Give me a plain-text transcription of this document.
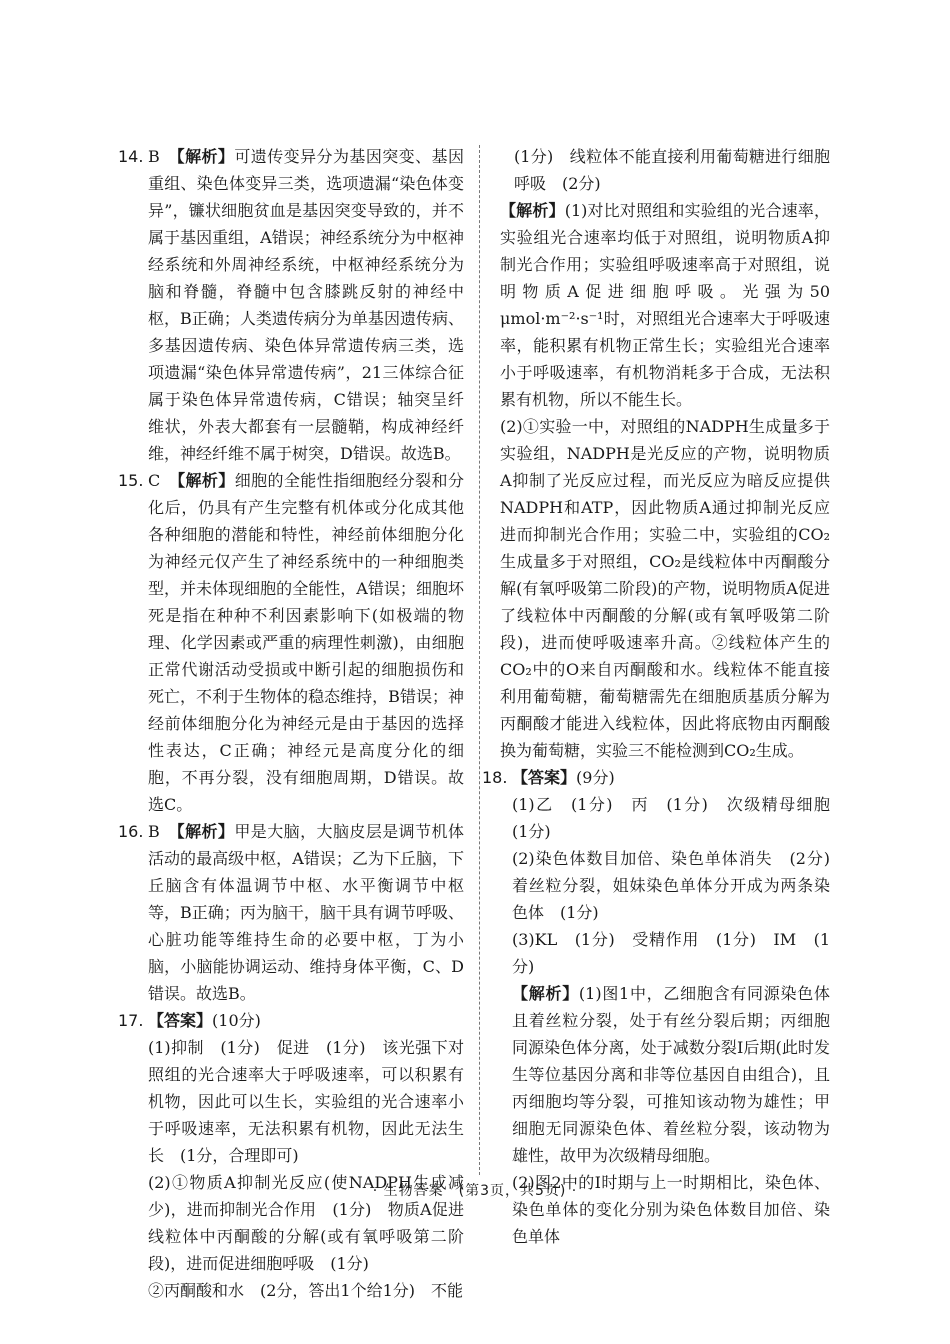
14. B　 【解析】可遗传变异分为基因突变、基因重组、染色体变异三类，选项遗漏“染色体变异”，镰状细胞贫血是基因突变导致的，并不属于基因重组，A错误；神经系统分为中枢神经系统和外周神经系统，中枢神经系统分为脑和脊髓，脊髓中包含膝跳反射的神经中枢，B正确；人类遗传病分为单基因遗传病、多基因遗传病、染色体异常遗传病三类，选项遗漏“染色体异常遗传病”，21三体综合征属于染色体异常遗传病，C错误；轴突呈纤维状，外表大都套有一层髓鞘，构成神经纤维，神经纤维不属于树突，D错误。故选B。
15. C　 【解析】细胞的全能性指细胞经分裂和分化后，仍具有产生完整有机体或分化成其他各种细胞的潜能和特性，神经前体细胞分化为神经元仅产生了神经系统中的一种细胞类型，并未体现细胞的全能性，A错误；细胞坏死是指在种种不利因素影响下(如极端的物理、化学因素或严重的病理性刺激)，由细胞正常代谢活动受损或中断引起的细胞损伤和死亡，不利于生物体的稳态维持，B错误；神经前体细胞分化为神经元是由于基因的选择性表达，C正确；神经元是高度分化的细胞，不再分裂，没有细胞周期，D错误。故选C。
16. B　 【解析】甲是大脑，大脑皮层是调节机体活动的最高级中枢，A错误；乙为下丘脑，下丘脑含有体温调节中枢、水平衡调节中枢等，B正确；丙为脑干，脑干具有调节呼吸、心脏功能等维持生命的必要中枢，丁为小脑，小脑能协调运动、维持身体平衡，C、D错误。故选B。

17. 【答案】(10分)

(1)抑制　(1分)　促进　(1分)　该光强下对照组的光合速率大于呼吸速率，可以积累有机物，因此可以生长，实验组的光合速率小于呼吸速率，无法积累有机物，因此无法生长　(1分，合理即可)

(2)①物质A抑制光反应(使NADPH生成减少)，进而抑制光合作用　(1分)　物质A促进线粒体中丙酮酸的分解(或有氧呼吸第二阶段)，进而促进细胞呼吸　(1分)

②丙酮酸和水　(2分，答出1个给1分)　不能

(1分)　线粒体不能直接利用葡萄糖进行细胞呼吸　(2分)

【解析】(1)对比对照组和实验组的光合速率，实验组光合速率均低于对照组，说明物质A抑制光合作用；实验组呼吸速率高于对照组，说明物质A促进细胞呼吸。光强为50 μmol·m⁻²·s⁻¹时，对照组光合速率大于呼吸速率，能积累有机物正常生长；实验组光合速率小于呼吸速率，有机物消耗多于合成，无法积累有机物，所以不能生长。

(2)①实验一中，对照组的NADPH生成量多于实验组，NADPH是光反应的产物，说明物质A抑制了光反应过程，而光反应为暗反应提供NADPH和ATP，因此物质A通过抑制光反应进而抑制光合作用；实验二中，实验组的CO₂生成量多于对照组，CO₂是线粒体中丙酮酸分解(有氧呼吸第二阶段)的产物，说明物质A促进了线粒体中丙酮酸的分解(或有氧呼吸第二阶段)，进而使呼吸速率升高。②线粒体产生的CO₂中的O来自丙酮酸和水。线粒体不能直接利用葡萄糖，葡萄糖需先在细胞质基质分解为丙酮酸才能进入线粒体，因此将底物由丙酮酸换为葡萄糖，实验三不能检测到CO₂生成。

18. 【答案】(9分)

(1)乙　(1分)　丙　(1分)　次级精母细胞　(1分)

(2)染色体数目加倍、染色单体消失　(2分)　着丝粒分裂，姐妹染色单体分开成为两条染色体　(1分)

(3)KL　(1分)　受精作用　(1分)　IM　(1分)

【解析】(1)图1中，乙细胞含有同源染色体且着丝粒分裂，处于有丝分裂后期；丙细胞同源染色体分离，处于减数分裂Ⅰ后期(此时发生等位基因分离和非等位基因自由组合)，且丙细胞均等分裂，可推知该动物为雄性；甲细胞无同源染色体、着丝粒分裂，该动物为雄性，故甲为次级精母细胞。

(2)图2中的Ⅰ时期与上一时期相比，染色体、染色单体的变化分别为染色体数目加倍、染色单体

· 生物答案　(第3页，共5页) ·
